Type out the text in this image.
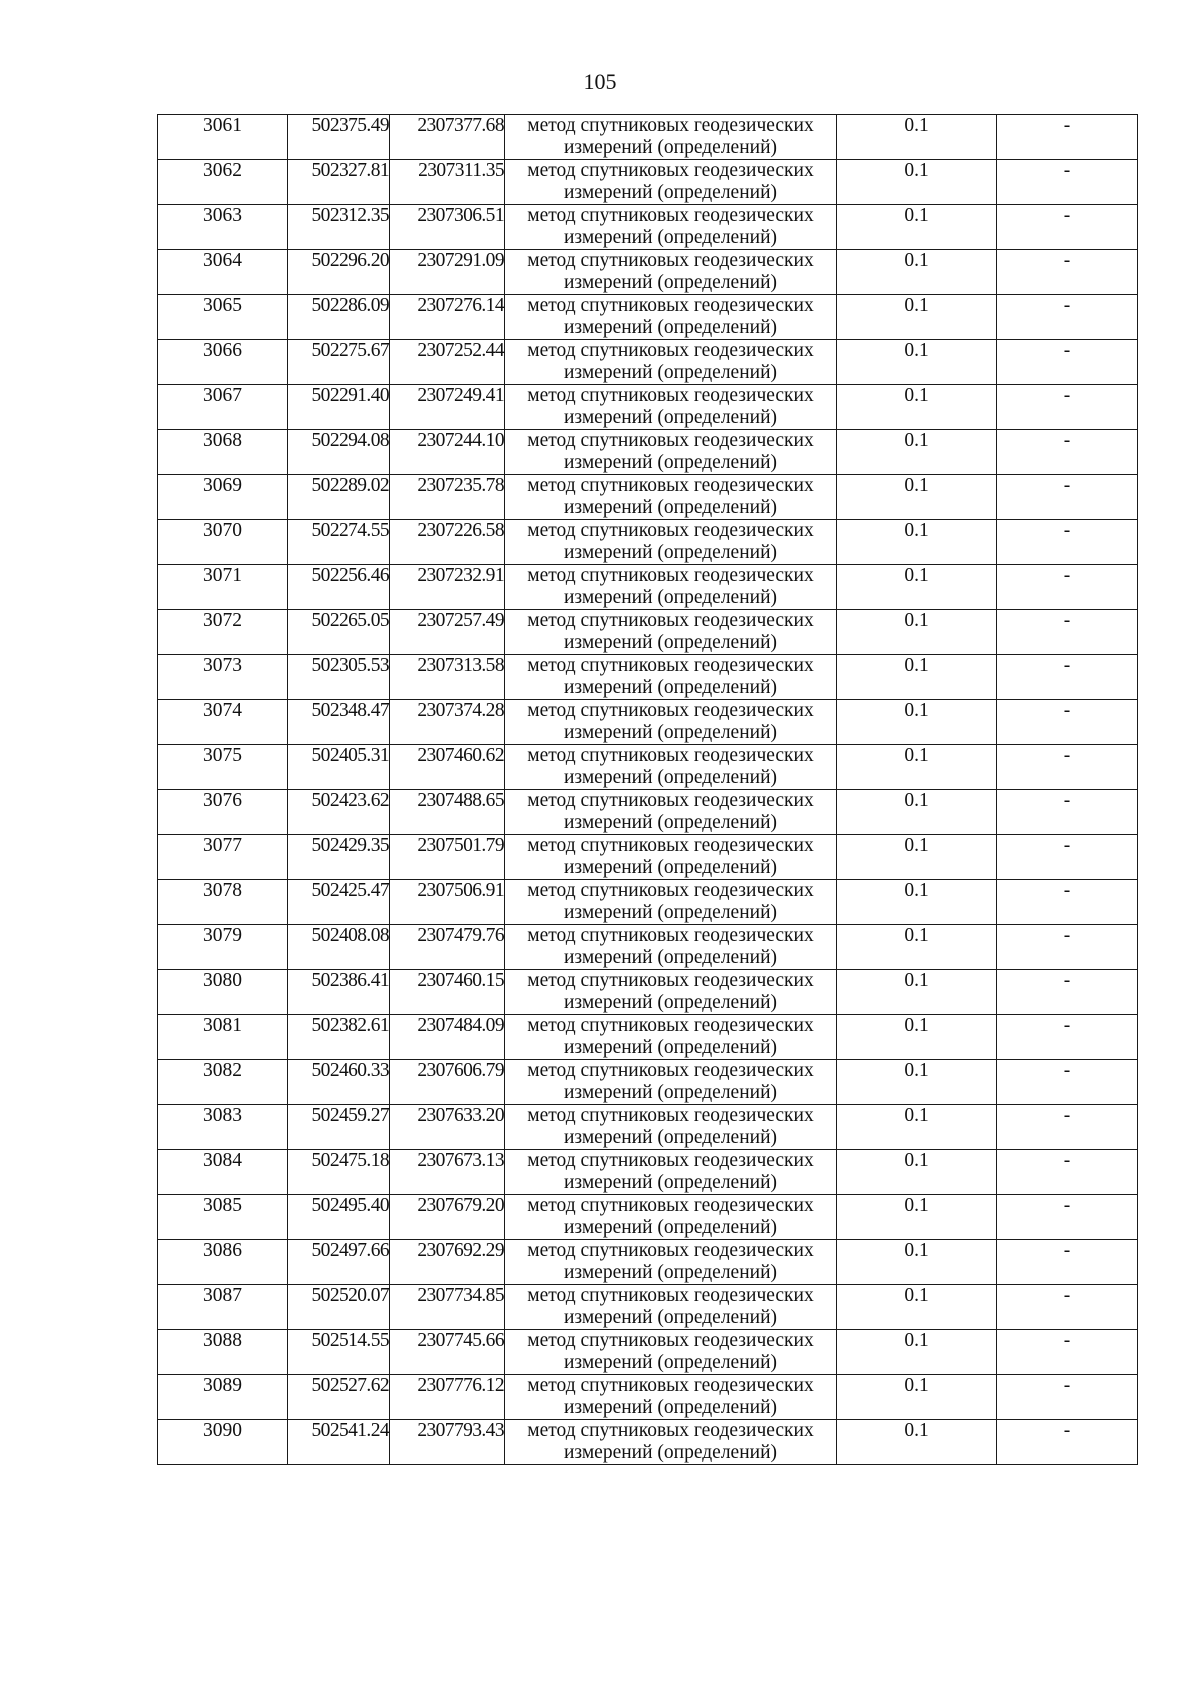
105
3061	502375.49	2307377.68	метод спутниковых геодезических
измерений (определений)	0.1	-
3062	502327.81	2307311.35	метод спутниковых геодезических
измерений (определений)	0.1	-
3063	502312.35	2307306.51	метод спутниковых геодезических
измерений (определений)	0.1	-
3064	502296.20	2307291.09	метод спутниковых геодезических
измерений (определений)	0.1	-
3065	502286.09	2307276.14	метод спутниковых геодезических
измерений (определений)	0.1	-
3066	502275.67	2307252.44	метод спутниковых геодезических
измерений (определений)	0.1	-
3067	502291.40	2307249.41	метод спутниковых геодезических
измерений (определений)	0.1	-
3068	502294.08	2307244.10	метод спутниковых геодезических
измерений (определений)	0.1	-
3069	502289.02	2307235.78	метод спутниковых геодезических
измерений (определений)	0.1	-
3070	502274.55	2307226.58	метод спутниковых геодезических
измерений (определений)	0.1	-
3071	502256.46	2307232.91	метод спутниковых геодезических
измерений (определений)	0.1	-
3072	502265.05	2307257.49	метод спутниковых геодезических
измерений (определений)	0.1	-
3073	502305.53	2307313.58	метод спутниковых геодезических
измерений (определений)	0.1	-
3074	502348.47	2307374.28	метод спутниковых геодезических
измерений (определений)	0.1	-
3075	502405.31	2307460.62	метод спутниковых геодезических
измерений (определений)	0.1	-
3076	502423.62	2307488.65	метод спутниковых геодезических
измерений (определений)	0.1	-
3077	502429.35	2307501.79	метод спутниковых геодезических
измерений (определений)	0.1	-
3078	502425.47	2307506.91	метод спутниковых геодезических
измерений (определений)	0.1	-
3079	502408.08	2307479.76	метод спутниковых геодезических
измерений (определений)	0.1	-
3080	502386.41	2307460.15	метод спутниковых геодезических
измерений (определений)	0.1	-
3081	502382.61	2307484.09	метод спутниковых геодезических
измерений (определений)	0.1	-
3082	502460.33	2307606.79	метод спутниковых геодезических
измерений (определений)	0.1	-
3083	502459.27	2307633.20	метод спутниковых геодезических
измерений (определений)	0.1	-
3084	502475.18	2307673.13	метод спутниковых геодезических
измерений (определений)	0.1	-
3085	502495.40	2307679.20	метод спутниковых геодезических
измерений (определений)	0.1	-
3086	502497.66	2307692.29	метод спутниковых геодезических
измерений (определений)	0.1	-
3087	502520.07	2307734.85	метод спутниковых геодезических
измерений (определений)	0.1	-
3088	502514.55	2307745.66	метод спутниковых геодезических
измерений (определений)	0.1	-
3089	502527.62	2307776.12	метод спутниковых геодезических
измерений (определений)	0.1	-
3090	502541.24	2307793.43	метод спутниковых геодезических
измерений (определений)	0.1	-
